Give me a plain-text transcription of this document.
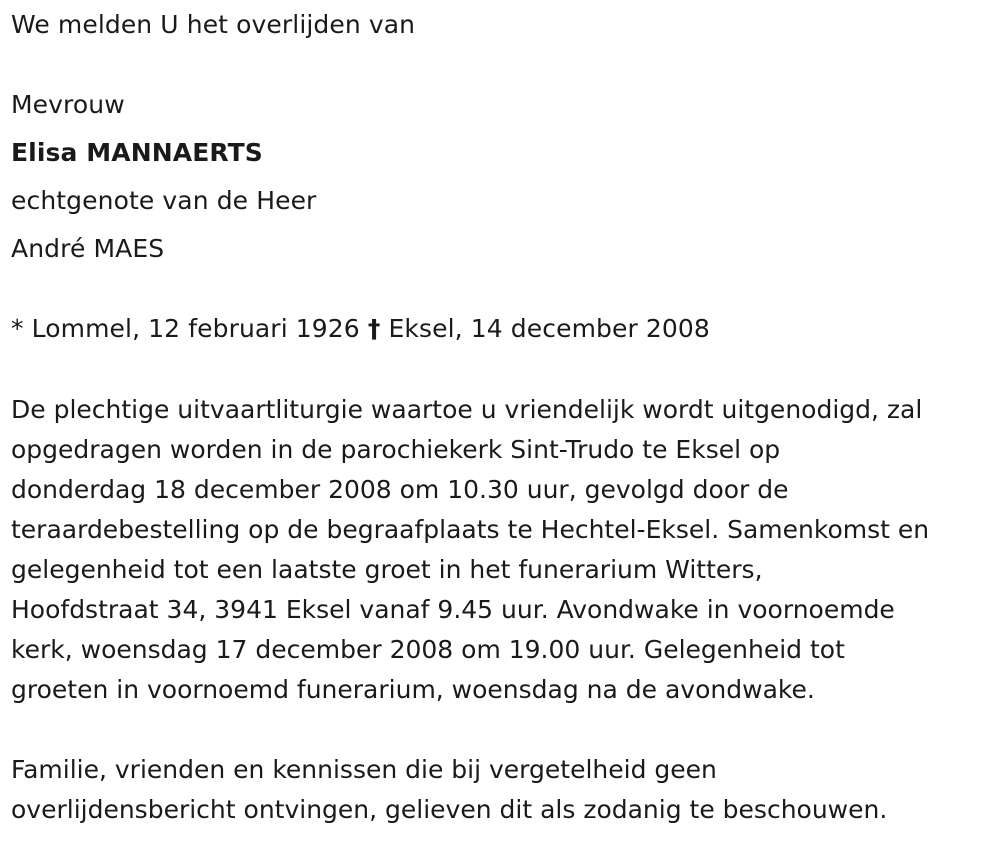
We melden U het overlijden van
Mevrouw
Elisa MANNAERTS
echtgenote van de Heer
André MAES
* Lommel, 12 februari 1926 † Eksel, 14 december 2008
De plechtige uitvaartliturgie waartoe u vriendelijk wordt uitgenodigd, zal
opgedragen worden in de parochiekerk Sint-Trudo te Eksel op
donderdag 18 december 2008 om 10.30 uur, gevolgd door de
teraardebestelling op de begraafplaats te Hechtel-Eksel. Samenkomst en
gelegenheid tot een laatste groet in het funerarium Witters,
Hoofdstraat 34, 3941 Eksel vanaf 9.45 uur. Avondwake in voornoemde
kerk, woensdag 17 december 2008 om 19.00 uur. Gelegenheid tot
groeten in voornoemd funerarium, woensdag na de avondwake.
Familie, vrienden en kennissen die bij vergetelheid geen
overlijdensbericht ontvingen, gelieven dit als zodanig te beschouwen.
